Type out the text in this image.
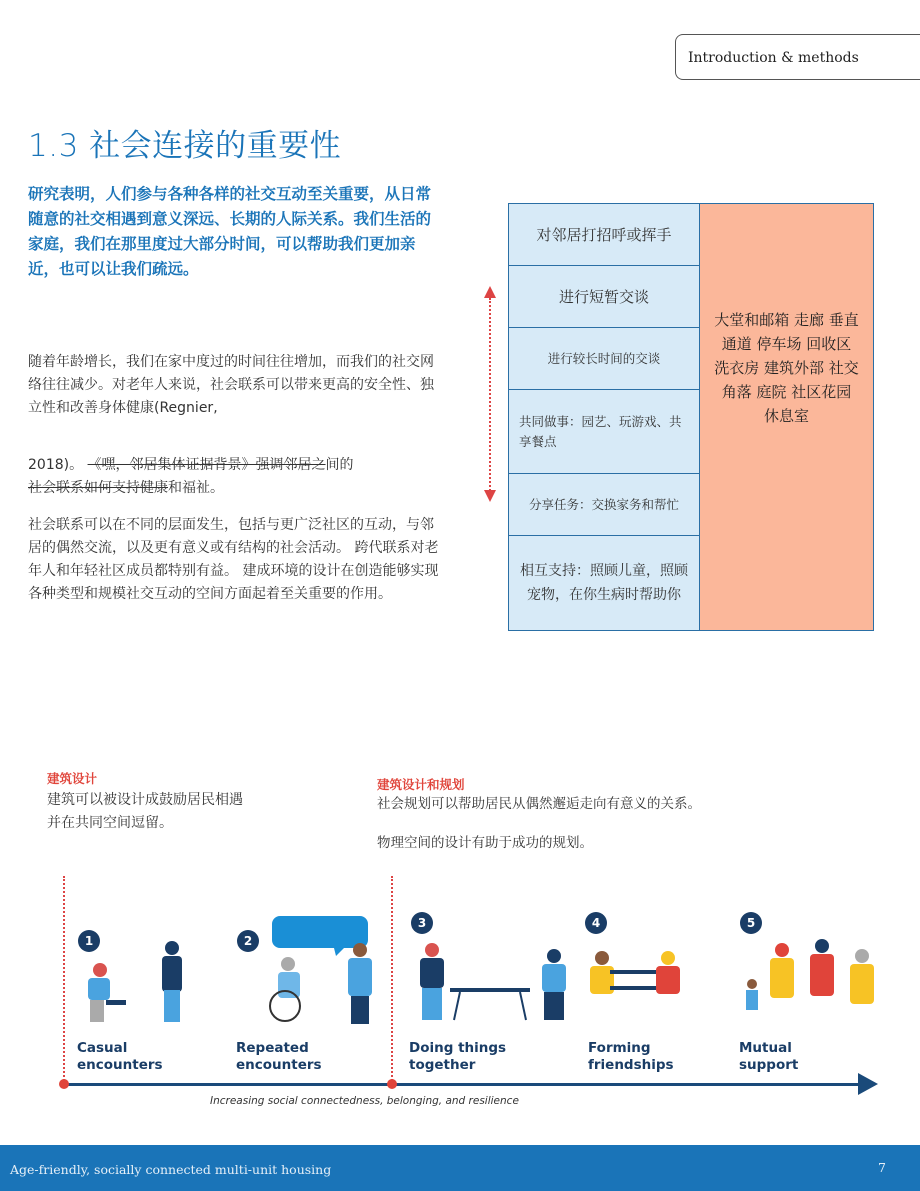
Introduction & methods
1.3 社会连接的重要性
研究表明，人们参与各种各样的社交互动至关重要，从日常随意的社交相遇到意义深远、长期的人际关系。我们生活的家庭，我们在那里度过大部分时间，可以帮助我们更加亲近，也可以让我们疏远。
随着年龄增长，我们在家中度过的时间往往增加，而我们的社交网络往往减少。对老年人来说，社会联系可以带来更高的安全性、独立性和改善身体健康(Regnier,
2018)。 《嘿，邻居集体证据背景》强调邻居之间的
社会联系如何支持健康和福祉。
社会联系可以在不同的层面发生，包括与更广泛社区的互动，与邻居的偶然交流，以及更有意义或有结构的社会活动。 跨代联系对老年人和年轻社区成员都特别有益。 建成环境的设计在创造能够实现各种类型和规模社交互动的空间方面起着至关重要的作用。
对邻居打招呼或挥手
进行短暂交谈
进行较长时间的交谈
共同做事：园艺、玩游戏、共享餐点
分享任务：交换家务和帮忙
相互支持：照顾儿童，照顾宠物，在你生病时帮助你
大堂和邮箱 走廊 垂直通道 停车场 回收区 洗衣房 建筑外部 社交角落 庭院 社区花园 休息室
建筑设计
建筑可以被设计成鼓励居民相遇并在共同空间逗留。
建筑设计和规划
社会规划可以帮助居民从偶然邂逅走向有意义的关系。
物理空间的设计有助于成功的规划。
1	2
3	4	5
Casual encounters
Repeated encounters
Doing things together
Forming friendships
Mutual support
Increasing social connectedness, belonging, and resilience
Age-friendly, socially connected multi-unit housing	7
